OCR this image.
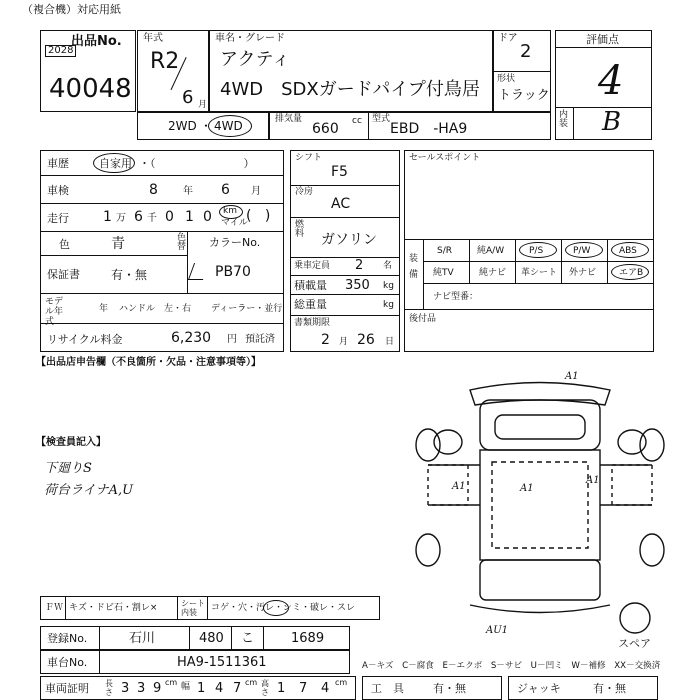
（複合機）対応用紙
出品No.
2028
40048
年式
R2

6 月
車名・グレード
アクティ
4WD　SDXガードパイプ付鳥居
ドア
2
形状
トラック
評価点
4
内装 B
2WD ・ 4WD	排気量
660 cc 型式
EBD　-HA9
車歴	自家用 ・（　　　　　　　　）
車検	8	年 6 月
走行 1 万 6 千 0 1 0 km
マイル
(   )
色	青	色替 カラーNo.
PB70
保証書	有・無
モデル年式
年 ハンドル　左・右 ディーラー・並行
リサイクル料金	6,230 円 預託済
シフト
F5
冷房
AC
燃料 ガソリン
乗車定員 2 名
積載量 350 kg
総重量	kg
書類期限
2 月 26 日
セールスポイント
装備
S/R	純A/W	P/S	P/W	ABS
純TV	純ナビ 革シート 外ナビ	エアB
ナビ型番：
後付品
【出品店申告欄（不良箇所・欠品・注意事項等）】
【検査員記入】
下廻りS
荷台ライナA,U
A1
A1	A1
A1
AU1
スペア
ＦＷ キズ・ドビ石・割レ×	シート内装	コゲ・穴・汚レ・シミ・破レ・スレ
登録No.	石川	480 こ	1689
車台No.	HA9-1511361
車両証明 長さ 3 3 9 cm 幅 1 4 7 cm 高さ 1 7 4 cm 工　具	有・無	ジャッキ	有・無
A－キズ　C－腐食　E－エクボ　S－サビ　U－凹ミ　W－補修　XX－交換済
